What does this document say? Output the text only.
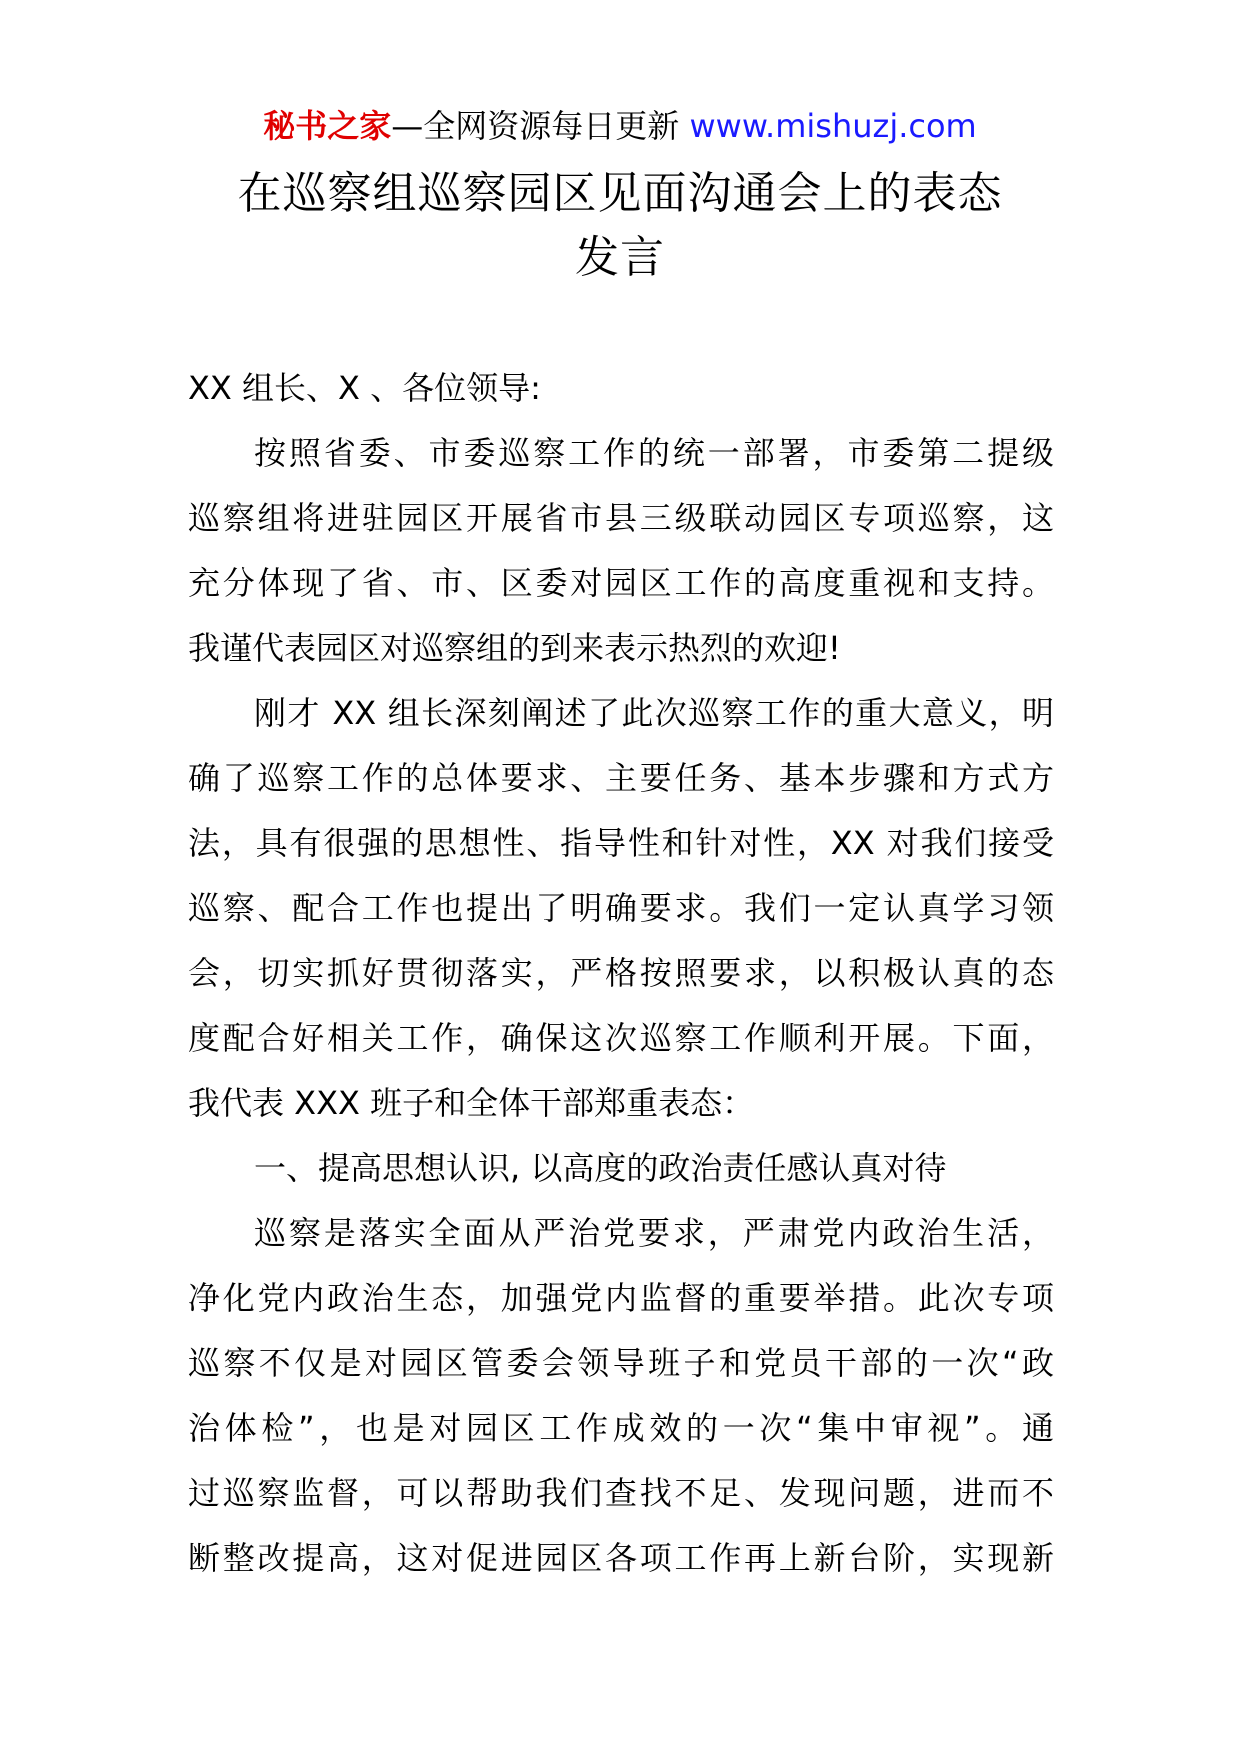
秘书之家—全网资源每日更新 www.mishuzj.com
在巡察组巡察园区见面沟通会上的表态
发言
XX 组长、X 、各位领导:
按照省委、市委巡察工作的统一部署，市委第二提级
巡察组将进驻园区开展省市县三级联动园区专项巡察，这
充分体现了省、市、区委对园区工作的高度重视和支持。
我谨代表园区对巡察组的到来表示热烈的欢迎!
刚才 XX 组长深刻阐述了此次巡察工作的重大意义，明
确了巡察工作的总体要求、主要任务、基本步骤和方式方
法，具有很强的思想性、指导性和针对性，XX 对我们接受
巡察、配合工作也提出了明确要求。我们一定认真学习领
会，切实抓好贯彻落实，严格按照要求，以积极认真的态
度配合好相关工作，确保这次巡察工作顺利开展。下面，
我代表 XXX 班子和全体干部郑重表态：
一、提高思想认识, 以高度的政治责任感认真对待
巡察是落实全面从严治党要求，严肃党内政治生活，
净化党内政治生态，加强党内监督的重要举措。此次专项
巡察不仅是对园区管委会领导班子和党员干部的一次“政
治体检”，也是对园区工作成效的一次“集中审视”。通
过巡察监督，可以帮助我们查找不足、发现问题，进而不
断整改提高，这对促进园区各项工作再上新台阶，实现新
